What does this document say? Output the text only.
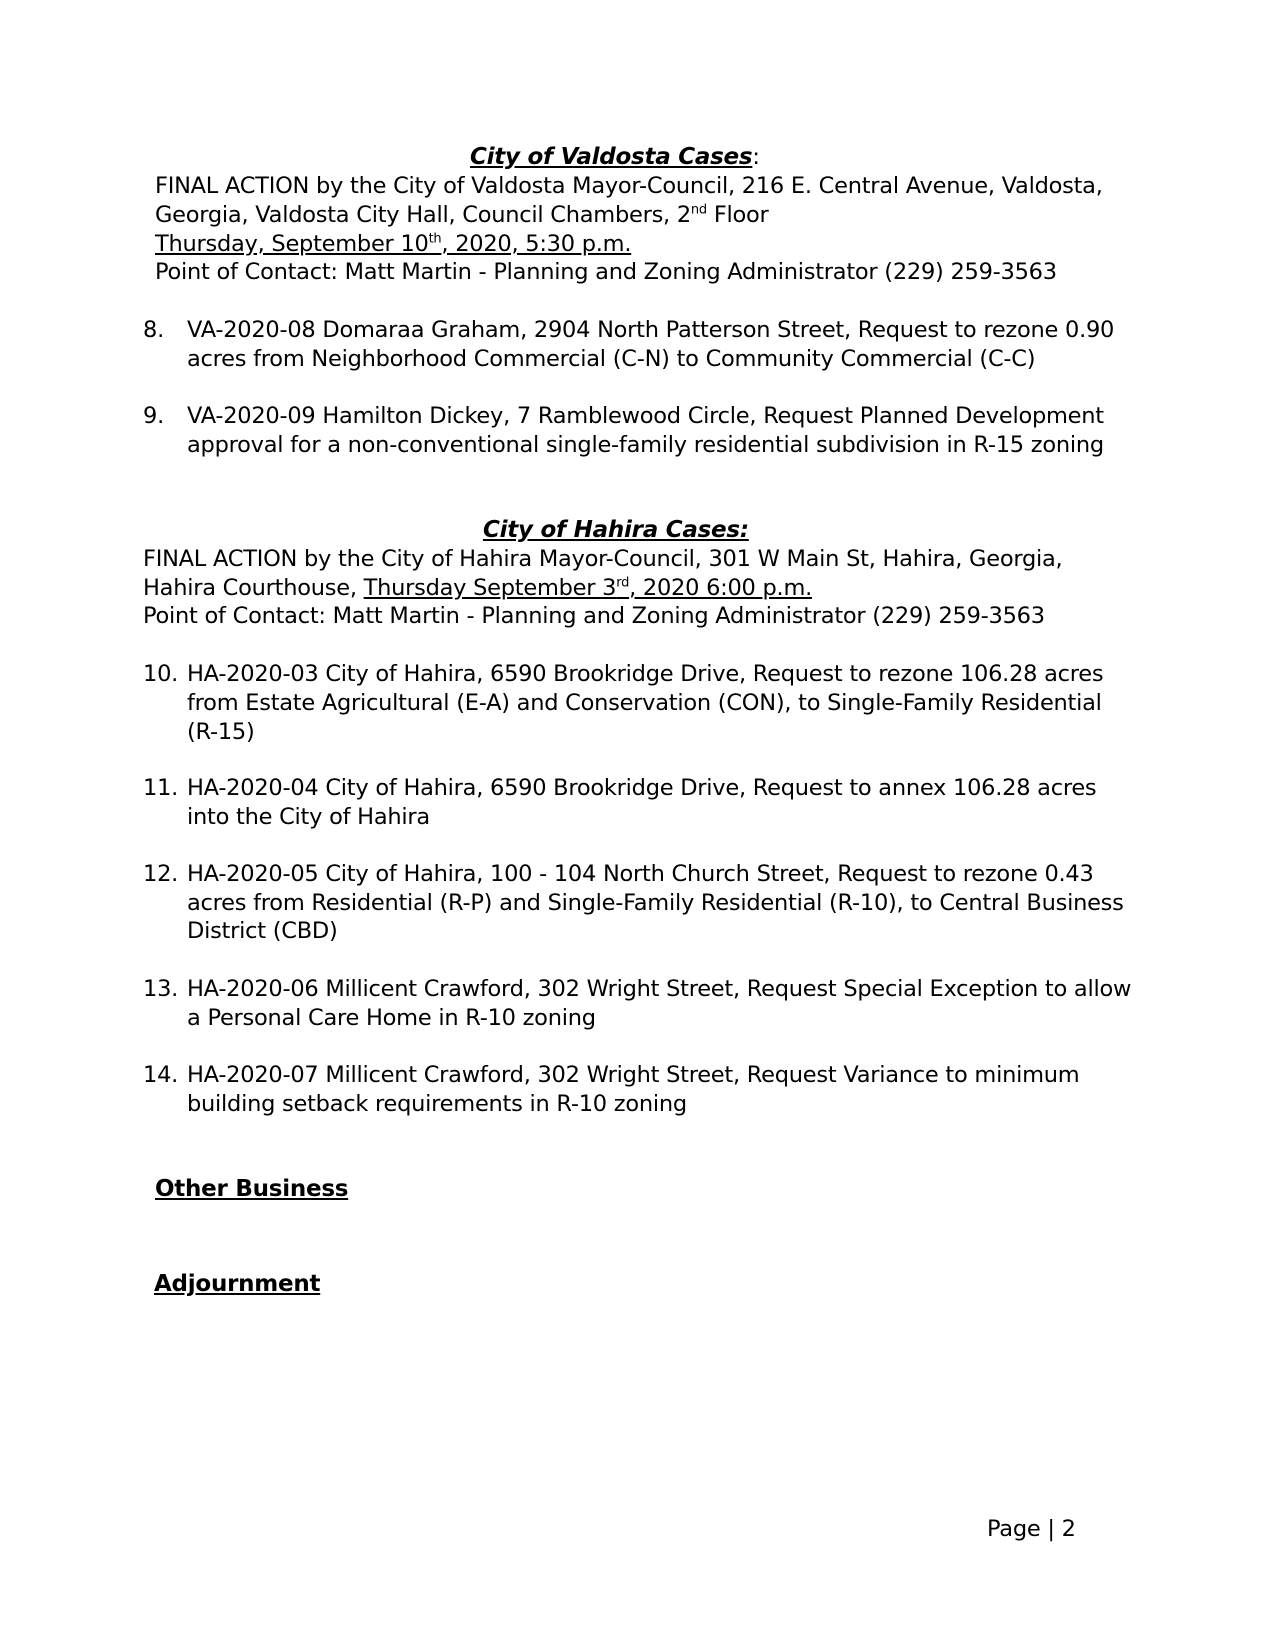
City of Valdosta Cases:
FINAL ACTION by the City of Valdosta Mayor-Council, 216 E. Central Avenue, Valdosta,
Georgia, Valdosta City Hall, Council Chambers, 2nd Floor
Thursday, September 10th, 2020, 5:30 p.m.
Point of Contact: Matt Martin - Planning and Zoning Administrator (229) 259-3563
8. VA-2020-08 Domaraa Graham, 2904 North Patterson Street, Request to rezone 0.90
acres from Neighborhood Commercial (C-N) to Community Commercial (C-C)
9. VA-2020-09 Hamilton Dickey, 7 Ramblewood Circle, Request Planned Development
approval for a non-conventional single-family residential subdivision in R-15 zoning
City of Hahira Cases:
FINAL ACTION by the City of Hahira Mayor-Council, 301 W Main St, Hahira, Georgia,
Hahira Courthouse, Thursday September 3rd, 2020 6:00 p.m.
Point of Contact: Matt Martin - Planning and Zoning Administrator (229) 259-3563
10. HA-2020-03 City of Hahira, 6590 Brookridge Drive, Request to rezone 106.28 acres
from Estate Agricultural (E-A) and Conservation (CON), to Single-Family Residential
(R-15)
11. HA-2020-04 City of Hahira, 6590 Brookridge Drive, Request to annex 106.28 acres
into the City of Hahira
12. HA-2020-05 City of Hahira, 100 - 104 North Church Street, Request to rezone 0.43
acres from Residential (R-P) and Single-Family Residential (R-10), to Central Business
District (CBD)
13. HA-2020-06 Millicent Crawford, 302 Wright Street, Request Special Exception to allow
a Personal Care Home in R-10 zoning
14. HA-2020-07 Millicent Crawford, 302 Wright Street, Request Variance to minimum
building setback requirements in R-10 zoning
Other Business
Adjournment
Page | 2
